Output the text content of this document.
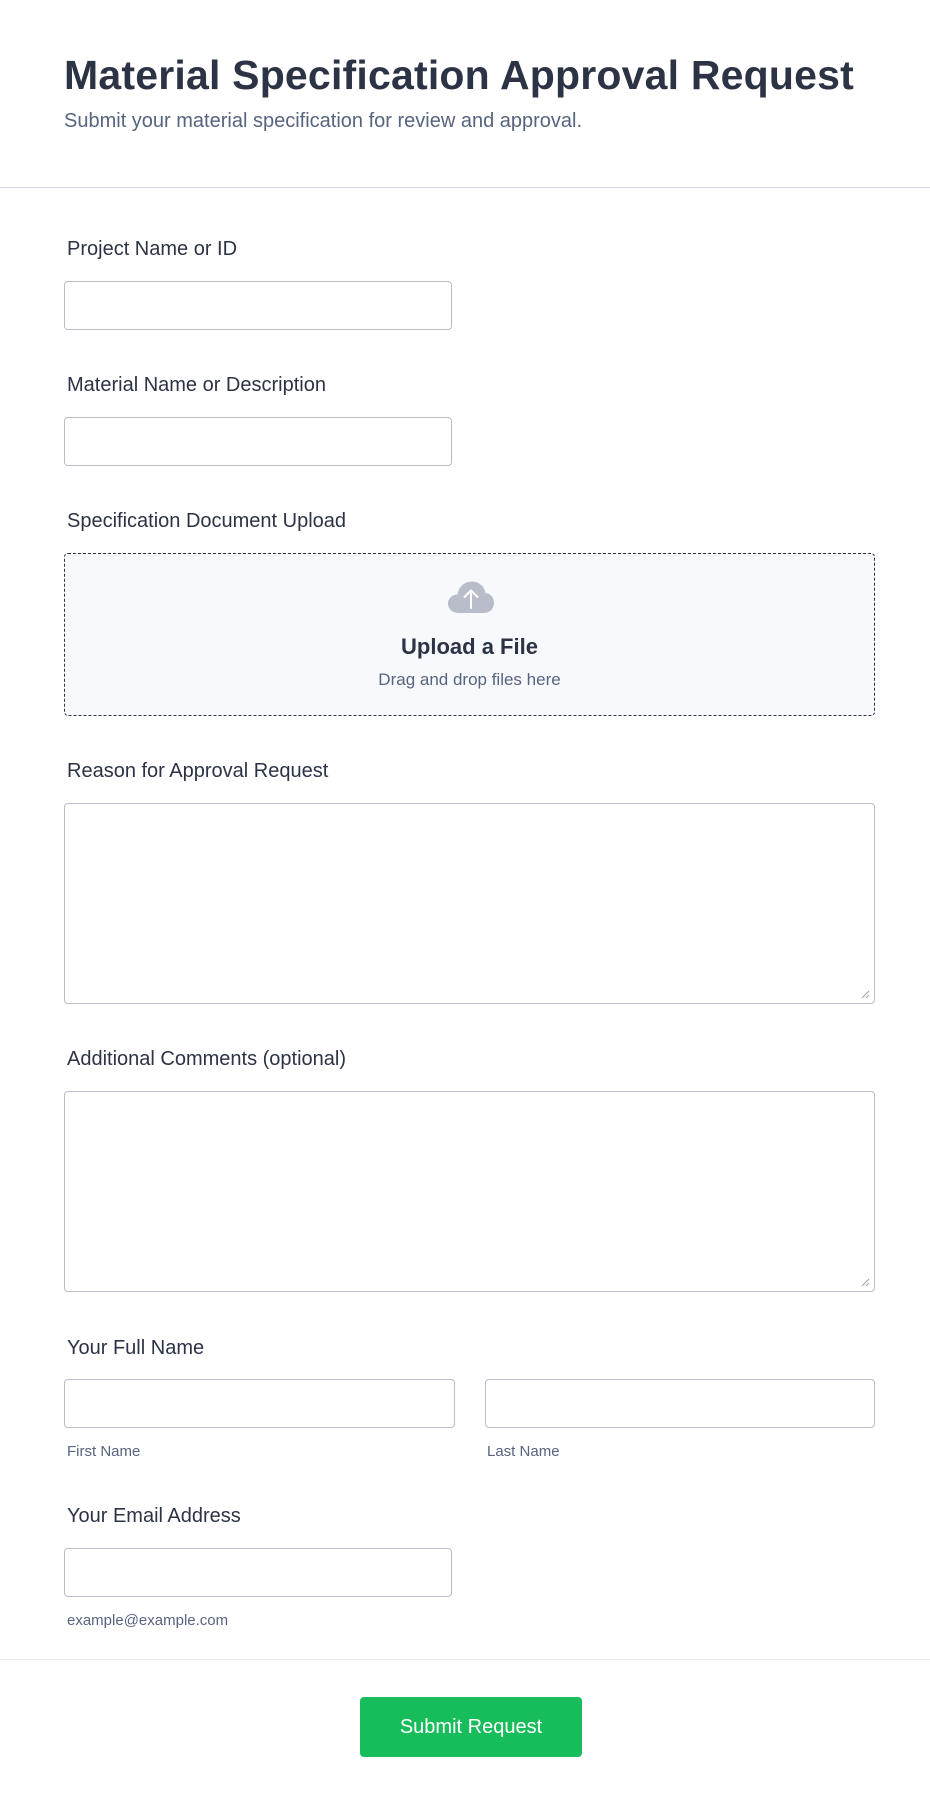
Material Specification Approval Request
Submit your material specification for review and approval.
Project Name or ID
Material Name or Description
Specification Document Upload
Upload a File
Drag and drop files here
Reason for Approval Request
Additional Comments (optional)
Your Full Name
First Name	Last Name
Your Email Address
example@example.com
Submit Request
